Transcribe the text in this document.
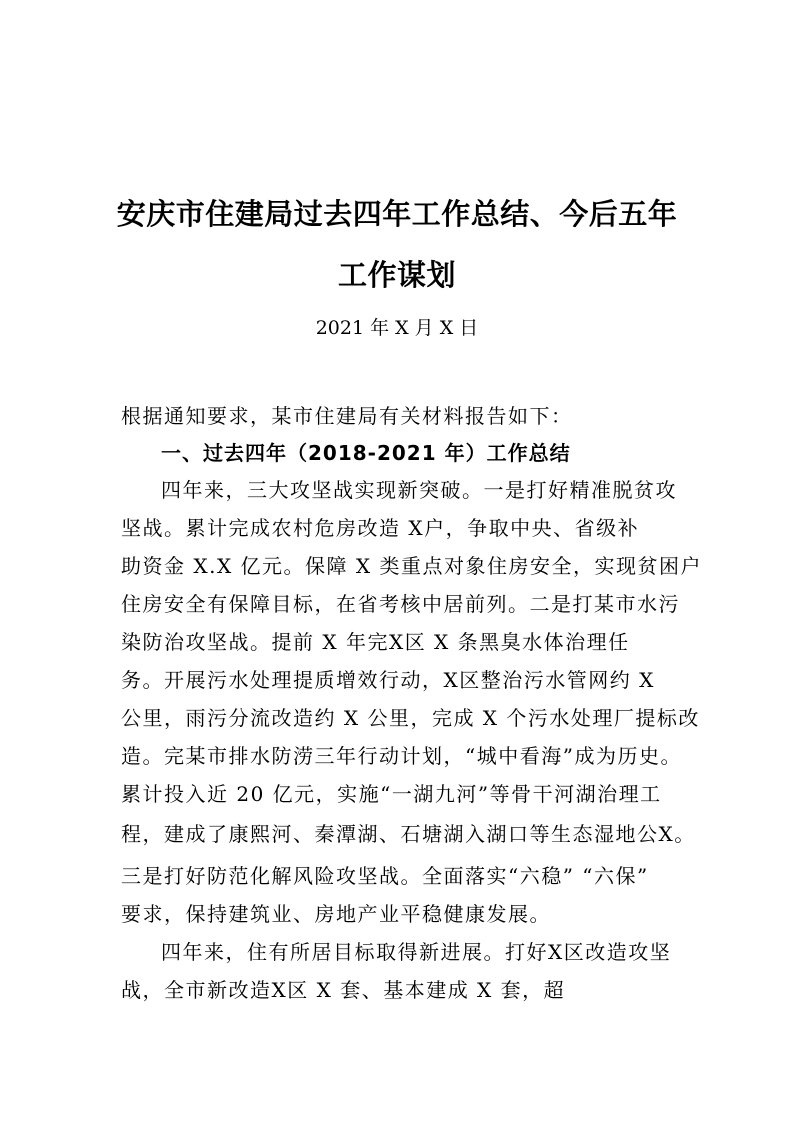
安庆市住建局过去四年工作总结、今后五年
工作谋划
2021 年 X 月 X 日
根据通知要求，某市住建局有关材料报告如下：
一、过去四年（2018-2021 年）工作总结
四年来，三大攻坚战实现新突破。一是打好精准脱贫攻
坚战。累计完成农村危房改造 X户，争取中央、省级补
助资金 X.X 亿元。保障 X 类重点对象住房安全，实现贫困户
住房安全有保障目标，在省考核中居前列。二是打某市水污
染防治攻坚战。提前 X 年完X区 X 条黑臭水体治理任
务。开展污水处理提质增效行动，X区整治污水管网约 X
公里，雨污分流改造约 X 公里，完成 X 个污水处理厂提标改
造。完某市排水防涝三年行动计划，“城中看海”成为历史。
累计投入近 20 亿元，实施“一湖九河”等骨干河湖治理工
程，建成了康熙河、秦潭湖、石塘湖入湖口等生态湿地公X。
三是打好防范化解风险攻坚战。全面落实“六稳” “六保”
要求，保持建筑业、房地产业平稳健康发展。
四年来，住有所居目标取得新进展。打好X区改造攻坚
战，全市新改造X区 X 套、基本建成 X 套，超
